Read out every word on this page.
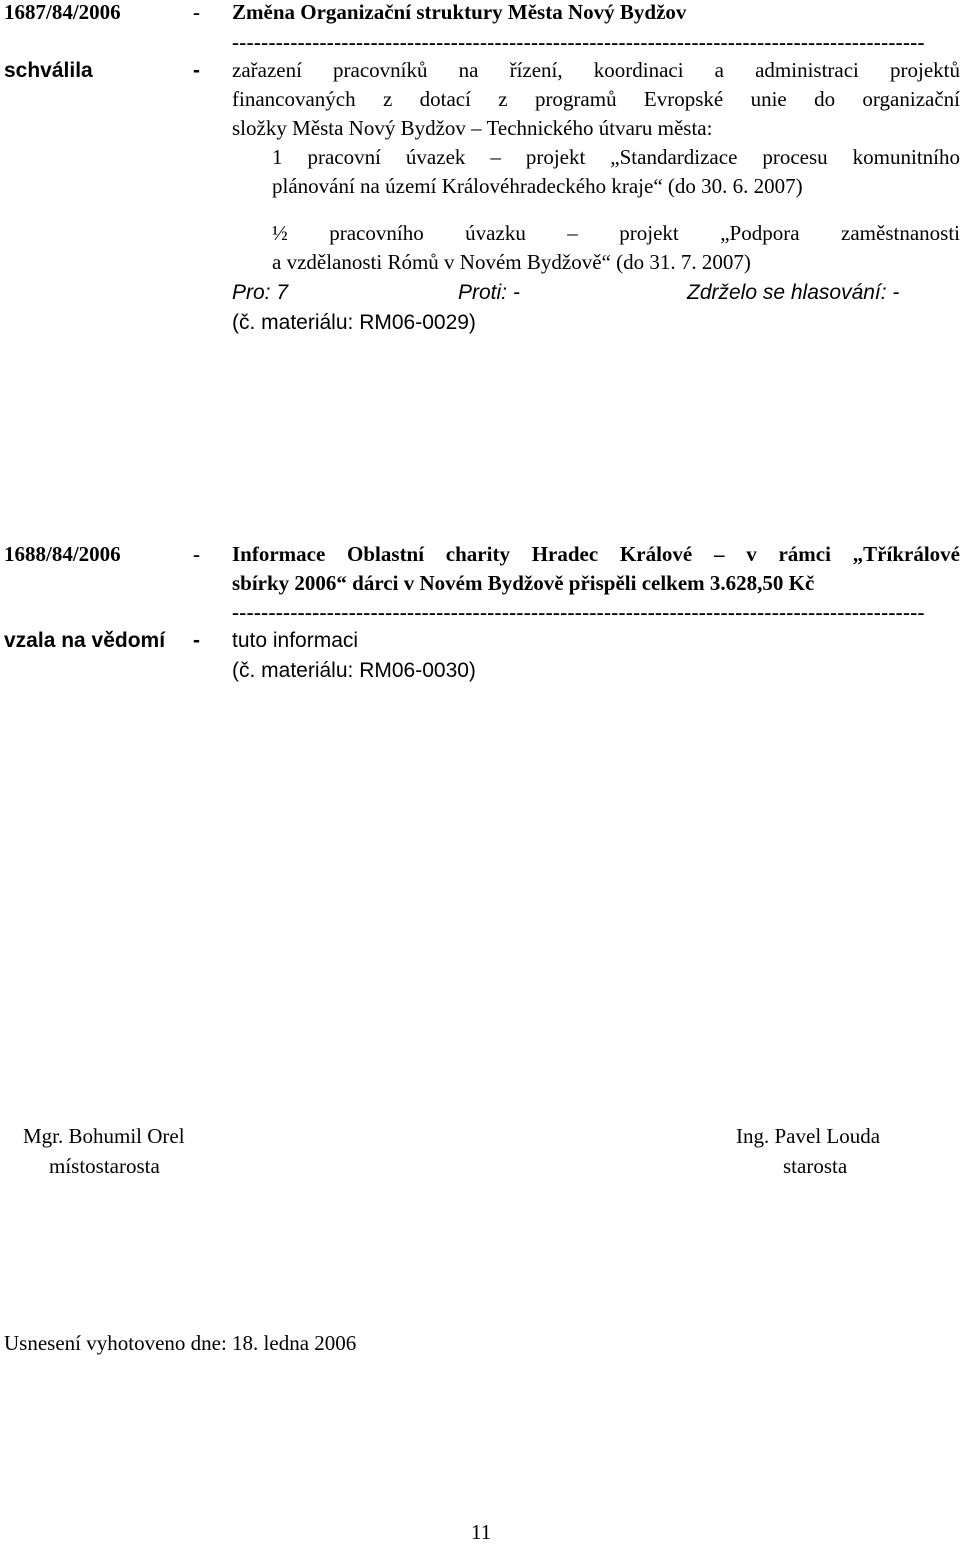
1687/84/2006	- Změna Organizační struktury Města Nový Bydžov
-----------------------------------------------------------------------------------------------
schválila	- zařazení pracovníků na řízení, koordinaci a administraci projektů
financovaných z dotací z programů Evropské unie do organizační
složky Města Nový Bydžov – Technického útvaru města:
1 pracovní úvazek – projekt „Standardizace procesu komunitního
plánování na území Královéhradeckého kraje“ (do 30. 6. 2007)
½ pracovního úvazku – projekt „Podpora zaměstnanosti
a vzdělanosti Rómů v Novém Bydžově“ (do 31. 7. 2007)
Pro: 7	Proti: -	Zdrželo se hlasování: -
(č. materiálu: RM06-0029)
1688/84/2006	- Informace Oblastní charity Hradec Králové – v rámci „Tříkrálové
sbírky 2006“ dárci v Novém Bydžově přispěli celkem 3.628,50 Kč
-----------------------------------------------------------------------------------------------
vzala na vědomí - tuto informaci
(č. materiálu: RM06-0030)
Mgr. Bohumil Orel
místostarosta
Ing. Pavel Louda
starosta
Usnesení vyhotoveno dne: 18. ledna 2006
11
